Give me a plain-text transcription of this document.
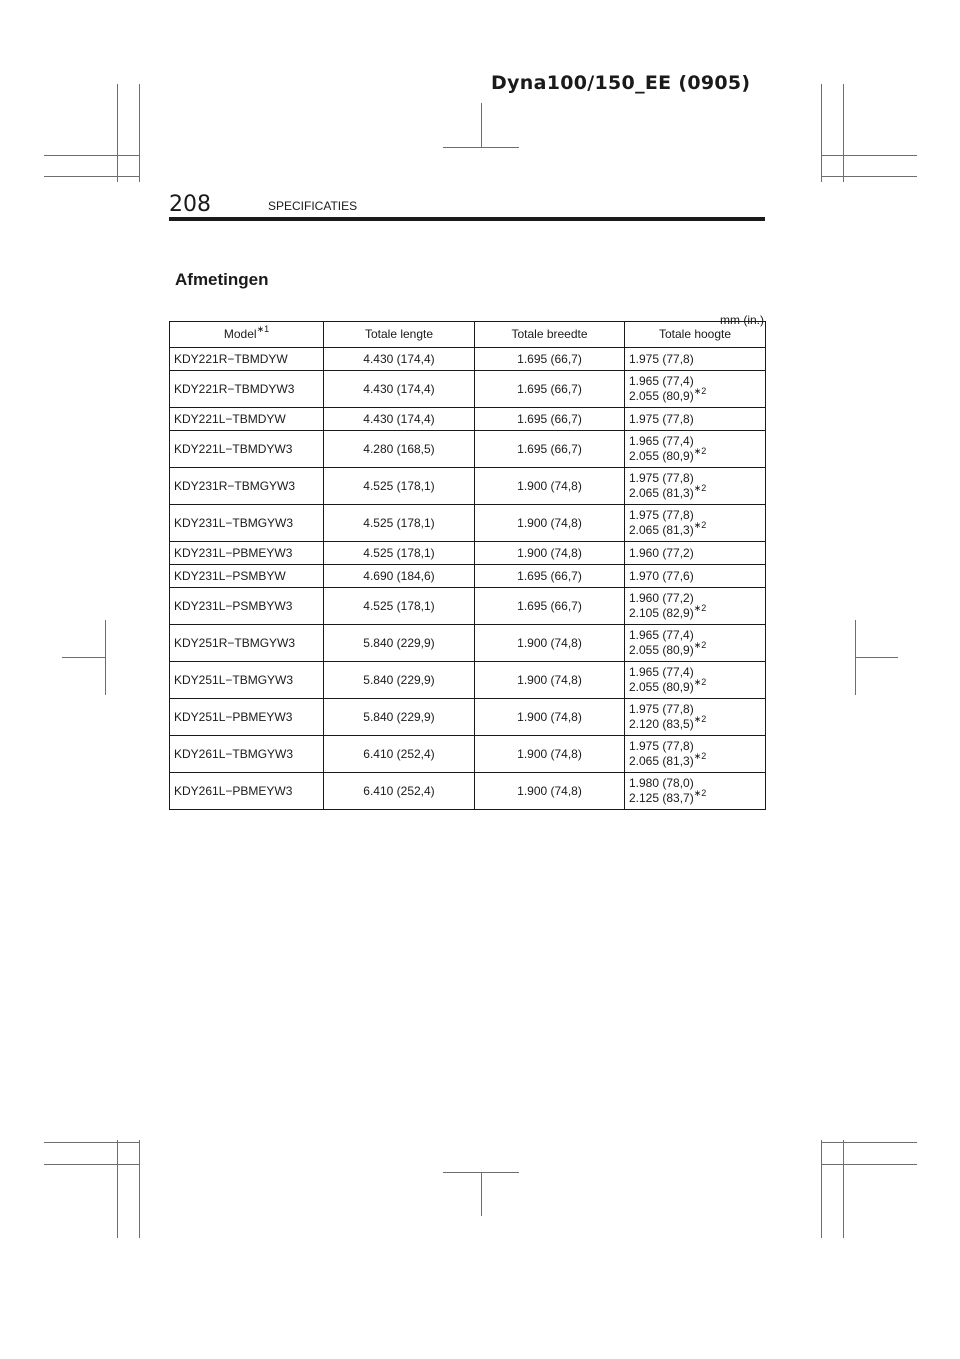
Dyna100/150_EE (0905)
208	SPECIFICATIES
Afmetingen
mm (in.)
Model$^{∗1}$	Totale lengte	Totale breedte	Totale hoogte
KDY221R−TBMDYW	4.430 (174,4)	1.695 (66,7)	1.975 (77,8)

KDY221R−TBMDYW3	4.430 (174,4)	1.695 (66,7)	1.965 (77,4)
2.055 $(80,9)^{∗2}$

KDY221L−TBMDYW	4.430 (174,4)	1.695 (66,7)	1.975 (77,8)

KDY221L−TBMDYW3	4.280 (168,5)	1.695 (66,7)	1.965 (77,4)
2.055 $(80,9)^{∗2}$

KDY231R−TBMGYW3	4.525 (178,1)	1.900 (74,8)	1.975 (77,8)
2.065 $(81,3)^{∗2}$

KDY231L−TBMGYW3	4.525 (178,1)	1.900 (74,8)	1.975 (77,8)
2.065 $(81,3)^{∗2}$

KDY231L−PBMEYW3	4.525 (178,1)	1.900 (74,8)	1.960 (77,2)

KDY231L−PSMBYW	4.690 (184,6)	1.695 (66,7)	1.970 (77,6)

KDY231L−PSMBYW3	4.525 (178,1)	1.695 (66,7)	1.960 (77,2)
2.105 $(82,9)^{∗2}$

KDY251R−TBMGYW3	5.840 (229,9)	1.900 (74,8)	1.965 (77,4)
2.055 $(80,9)^{∗2}$

KDY251L−TBMGYW3	5.840 (229,9)	1.900 (74,8)	1.965 (77,4)
2.055 $(80,9)^{∗2}$

KDY251L−PBMEYW3	5.840 (229,9)	1.900 (74,8)	1.975 (77,8)
2.120 $(83,5)^{∗2}$

KDY261L−TBMGYW3	6.410 (252,4)	1.900 (74,8)	1.975 (77,8)
2.065 $(81,3)^{∗2}$

KDY261L−PBMEYW3	6.410 (252,4)	1.900 (74,8)	1.980 (78,0)
2.125 $(83,7)^{∗2}$
